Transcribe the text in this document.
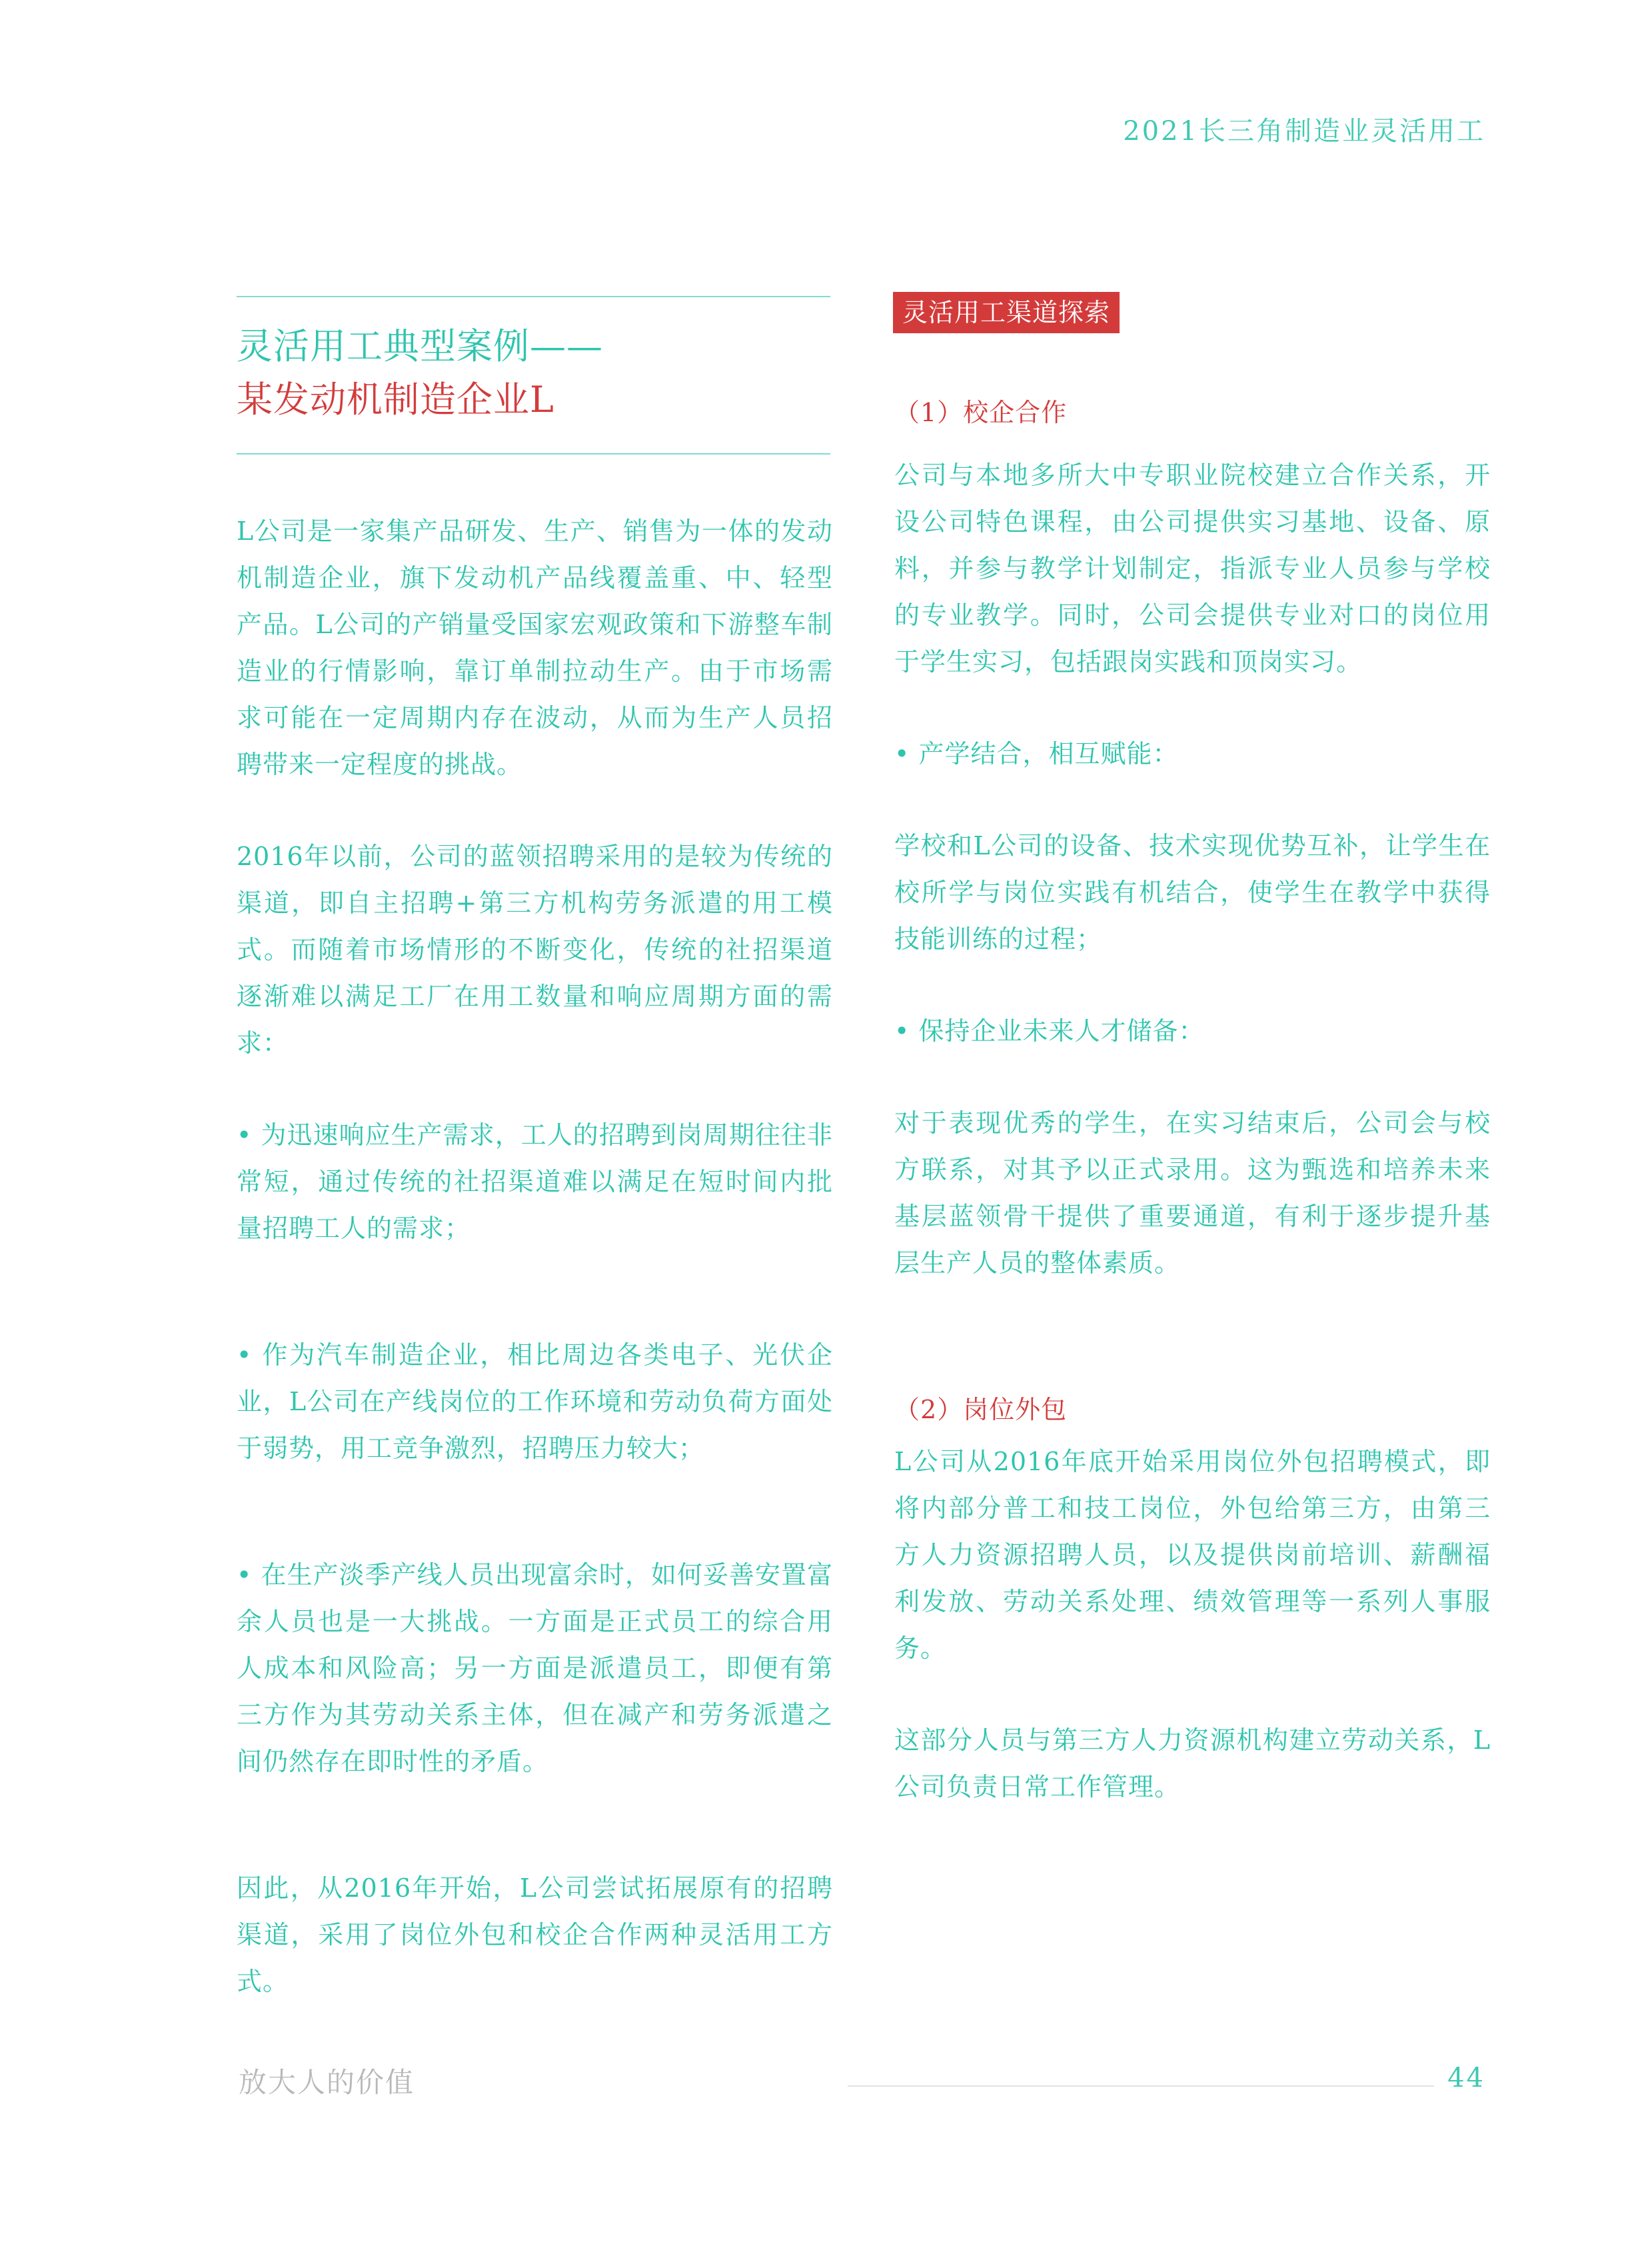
2021长三角制造业灵活用工
灵活用工典型案例——
某发动机制造企业L

L公司是一家集产品研发、生产、销售为一体的发动机制造企业，旗下发动机产品线覆盖重、中、轻型产品。L公司的产销量受国家宏观政策和下游整车制造业的行情影响，靠订单制拉动生产。由于市场需求可能在一定周期内存在波动，从而为生产人员招聘带来一定程度的挑战。

2016年以前，公司的蓝领招聘采用的是较为传统的渠道，即自主招聘+第三方机构劳务派遣的用工模式。而随着市场情形的不断变化，传统的社招渠道逐渐难以满足工厂在用工数量和响应周期方面的需求：

• 为迅速响应生产需求，工人的招聘到岗周期往往非常短，通过传统的社招渠道难以满足在短时间内批量招聘工人的需求；

• 作为汽车制造企业，相比周边各类电子、光伏企业，L公司在产线岗位的工作环境和劳动负荷方面处于弱势，用工竞争激烈，招聘压力较大；

• 在生产淡季产线人员出现富余时，如何妥善安置富余人员也是一大挑战。一方面是正式员工的综合用人成本和风险高；另一方面是派遣员工，即便有第三方作为其劳动关系主体，但在减产和劳务派遣之间仍然存在即时性的矛盾。

因此，从2016年开始，L公司尝试拓展原有的招聘渠道，采用了岗位外包和校企合作两种灵活用工方式。

灵活用工渠道探索

（1）校企合作

公司与本地多所大中专职业院校建立合作关系，开设公司特色课程，由公司提供实习基地、设备、原料，并参与教学计划制定，指派专业人员参与学校的专业教学。同时，公司会提供专业对口的岗位用于学生实习，包括跟岗实践和顶岗实习。

• 产学结合，相互赋能：

学校和L公司的设备、技术实现优势互补，让学生在校所学与岗位实践有机结合，使学生在教学中获得技能训练的过程；

• 保持企业未来人才储备：

对于表现优秀的学生，在实习结束后，公司会与校方联系，对其予以正式录用。这为甄选和培养未来基层蓝领骨干提供了重要通道，有利于逐步提升基层生产人员的整体素质。

（2）岗位外包

L公司从2016年底开始采用岗位外包招聘模式，即将内部分普工和技工岗位，外包给第三方，由第三方人力资源招聘人员，以及提供岗前培训、薪酬福利发放、劳动关系处理、绩效管理等一系列人事服务。

这部分人员与第三方人力资源机构建立劳动关系，L公司负责日常工作管理。

放大人的价值	44
